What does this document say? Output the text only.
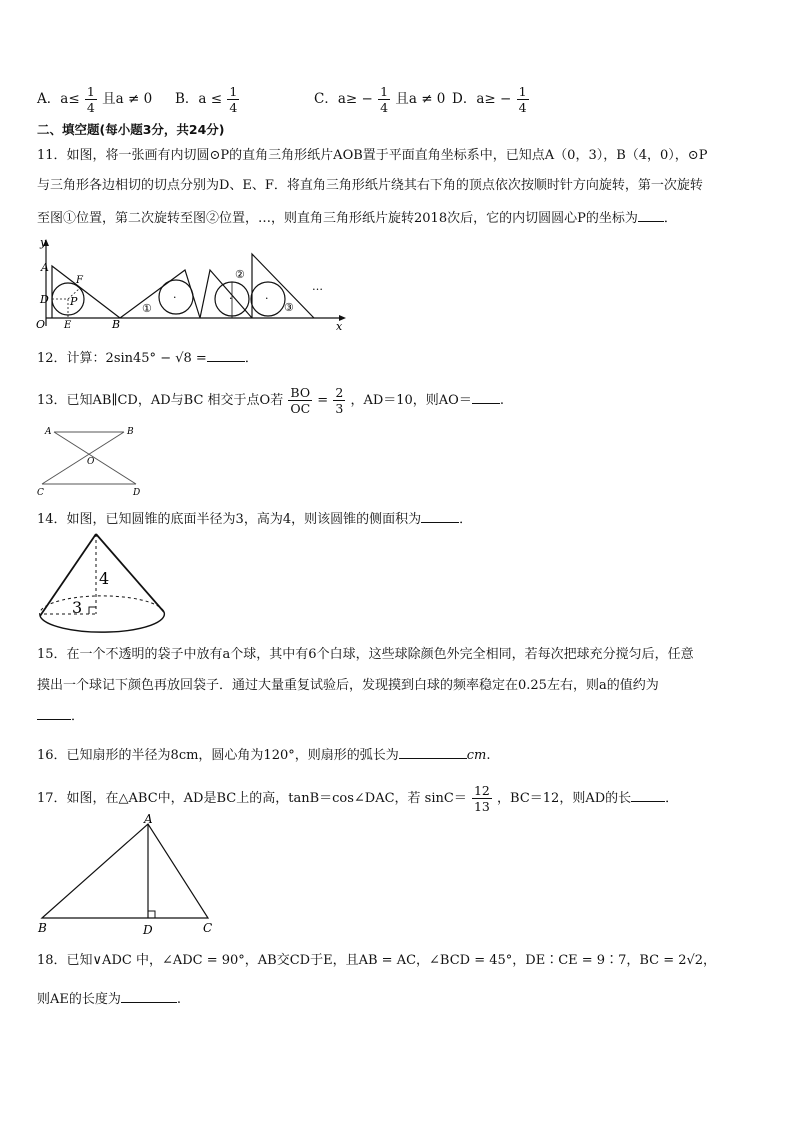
A．$a\le \frac{1}{4}$ 且a ≠ 0 B．$a \le \frac{1}{4}$	C．$a\ge - \frac{1}{4}$ 且a ≠ 0 D．$a\ge - \frac{1}{4}$
二、填空题(每小题3分，共24分)
11．如图，将一张画有内切圆⊙P的直角三角形纸片AOB置于平面直角坐标系中，已知点A（0，3），B（4，0），⊙P
与三角形各边相切的切点分别为D、E、F．将直角三角形纸片绕其右下角的顶点依次按顺时针方向旋转，第一次旋转
至图①位置，第二次旋转至图②位置，…，则直角三角形纸片旋转2018次后，它的内切圆圆心P的坐标为 ．
y
x
A
F
D P
O E	B
①
②
③
·	·	·
…
12．计算：2sin45° − √8 =	．
13．已知AB∥CD，AD与BC 相交于点O若 $\frac{BO}{OC} = \frac{2}{3}$ ，AD＝10，则AO＝ .
A	B
O
C	D
14．如图，已知圆锥的底面半径为3，高为4，则该圆锥的侧面积为	．
4
3
15．在一个不透明的袋子中放有a个球，其中有6个白球，这些球除颜色外完全相同，若每次把球充分搅匀后，任意
摸出一个球记下颜色再放回袋子．通过大量重复试验后，发现摸到白球的频率稳定在0.25左右，则a的值约为
．
16．已知扇形的半径为8cm，圆心角为120°，则扇形的弧长为	cm.
17．如图，在△ABC中，AD是BC上的高，tanB＝cos∠DAC，若 $\sin C= \frac{12}{13}$ ，BC＝12，则AD的长	．
A
B	D	C
18．已知∨ADC 中，∠ADC = 90°，AB交CD于E，且AB = AC，∠BCD = 45°，DE∶CE = 9∶7，BC = 2√2，
则AE的长度为	.
